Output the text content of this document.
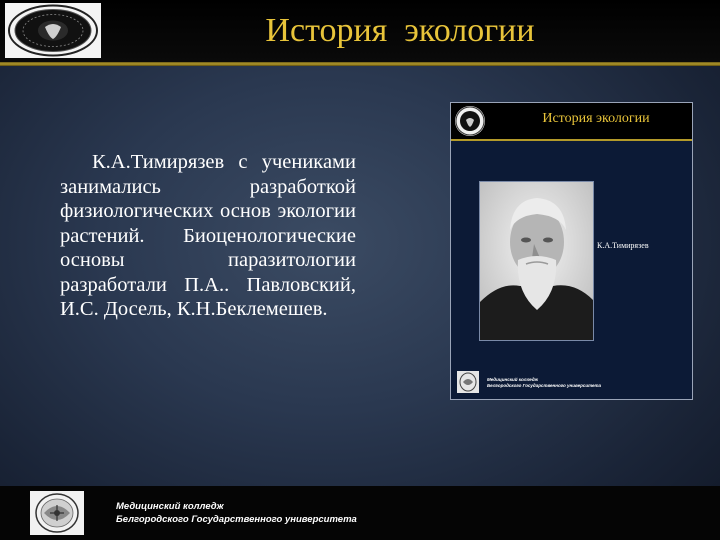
История  экологии
К.А.Тимирязев с учениками занимались разработкой физиологических основ экологии растений. Биоценологические основы паразитологии разработали П.А.. Павловский, И.С. Досель, К.Н.Беклемешев.
История экологии
К.А.Тимирязев
Медицинский колледж
Белгородского Государственного университета
Медицинский колледж
Белгородского Государственного университета
